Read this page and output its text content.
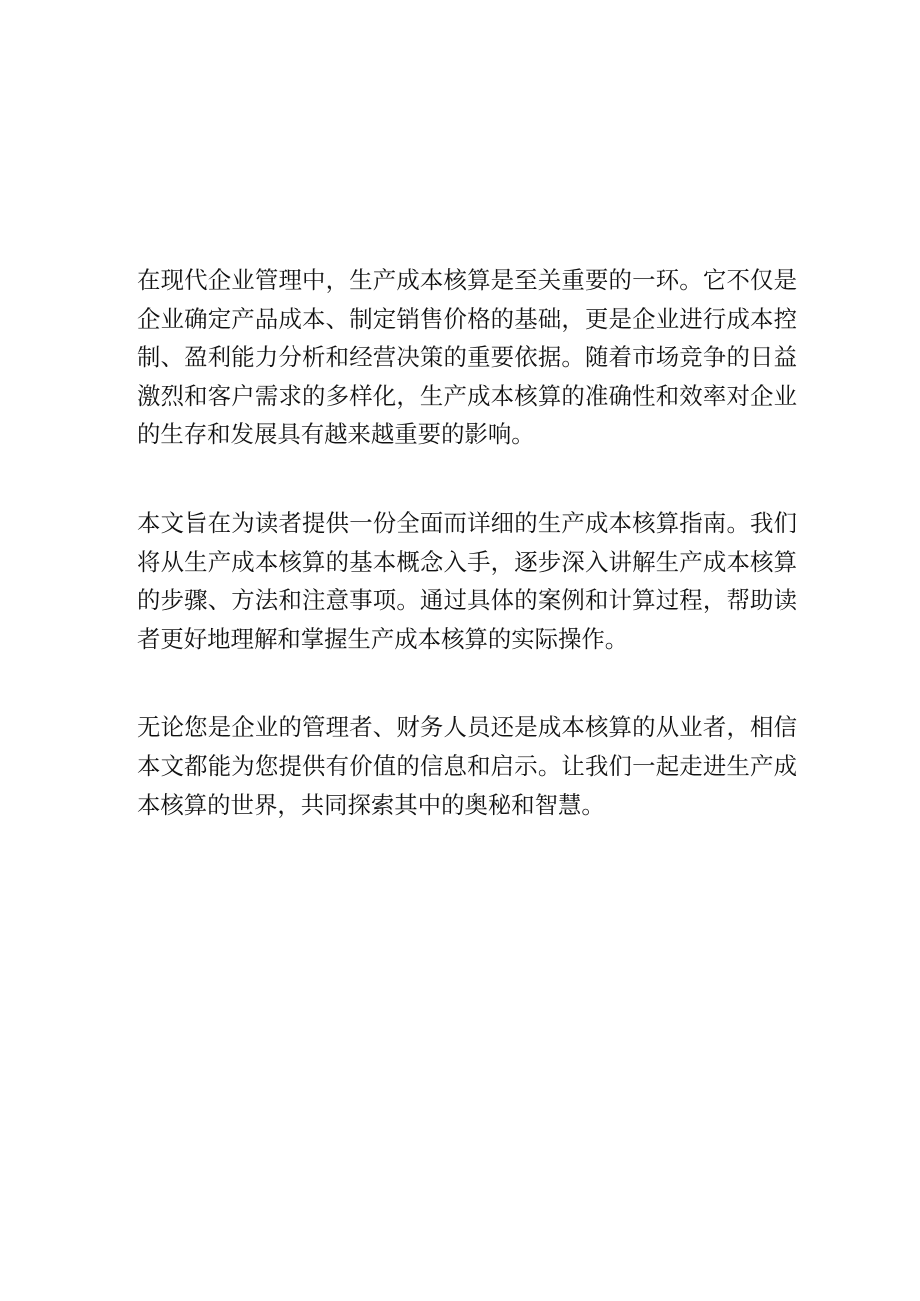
在现代企业管理中，生产成本核算是至关重要的一环。它不仅是企业确定产品成本、制定销售价格的基础，更是企业进行成本控制、盈利能力分析和经营决策的重要依据。随着市场竞争的日益激烈和客户需求的多样化，生产成本核算的准确性和效率对企业的生存和发展具有越来越重要的影响。

本文旨在为读者提供一份全面而详细的生产成本核算指南。我们将从生产成本核算的基本概念入手，逐步深入讲解生产成本核算的步骤、方法和注意事项。通过具体的案例和计算过程，帮助读者更好地理解和掌握生产成本核算的实际操作。

无论您是企业的管理者、财务人员还是成本核算的从业者，相信本文都能为您提供有价值的信息和启示。让我们一起走进生产成本核算的世界，共同探索其中的奥秘和智慧。
